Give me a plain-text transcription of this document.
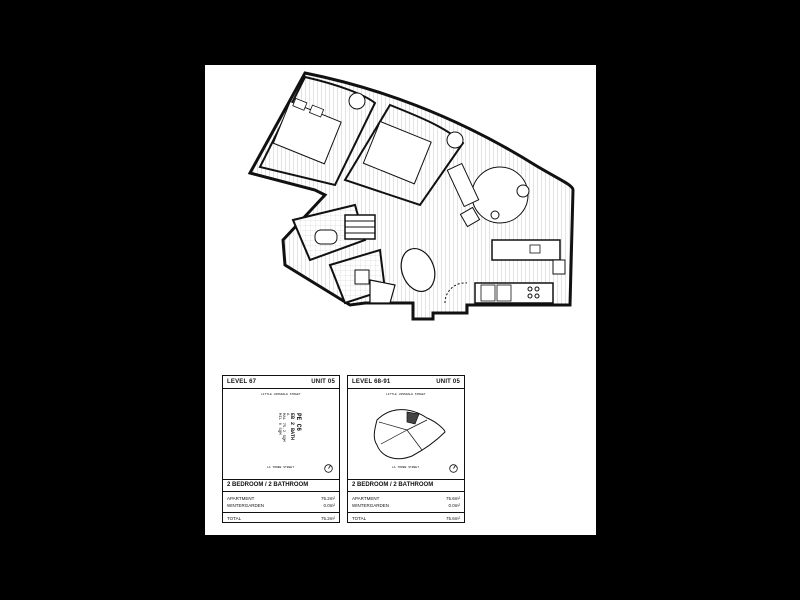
LEVEL 67	UNIT 05
LITTLE LONSDALE STREET
PE C6
EB 2 BATH
A
MAL 75.2 SQM
MIL 0 SQM
LA TROBE STREET
2 BEDROOM / 2 BATHROOM
APARTMENT	75.2m²
WINTERGARDEN	0.0m²
TOTAL	75.2m²
LEVEL 68-91	UNIT 05
LITTLE LONSDALE STREET
LA TROBE STREET
2 BEDROOM / 2 BATHROOM
APARTMENT	75.6m²
WINTERGARDEN	0.0m²
TOTAL	75.6m²
